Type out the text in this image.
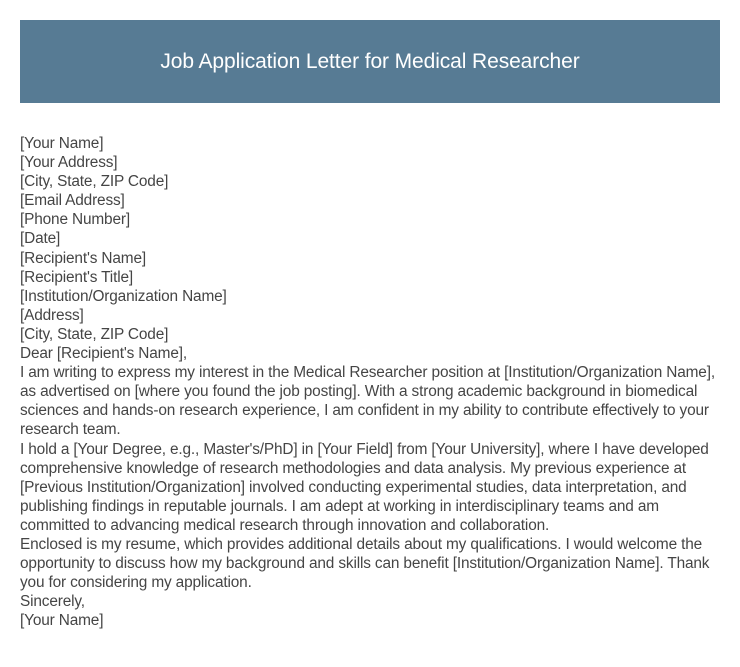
Job Application Letter for Medical Researcher

[Your Name]

[Your Address]

[City, State, ZIP Code]

[Email Address]

[Phone Number]

[Date]

[Recipient's Name]

[Recipient's Title]

[Institution/Organization Name]

[Address]

[City, State, ZIP Code]

Dear [Recipient's Name],

I am writing to express my interest in the Medical Researcher position at [Institution/Organization Name], as advertised on [where you found the job posting]. With a strong academic background in biomedical sciences and hands-on research experience, I am confident in my ability to contribute effectively to your research team.

I hold a [Your Degree, e.g., Master's/PhD] in [Your Field] from [Your University], where I have developed comprehensive knowledge of research methodologies and data analysis. My previous experience at [Previous Institution/Organization] involved conducting experimental studies, data interpretation, and publishing findings in reputable journals. I am adept at working in interdisciplinary teams and am committed to advancing medical research through innovation and collaboration.

Enclosed is my resume, which provides additional details about my qualifications. I would welcome the opportunity to discuss how my background and skills can benefit [Institution/Organization Name]. Thank you for considering my application.

Sincerely,

[Your Name]
